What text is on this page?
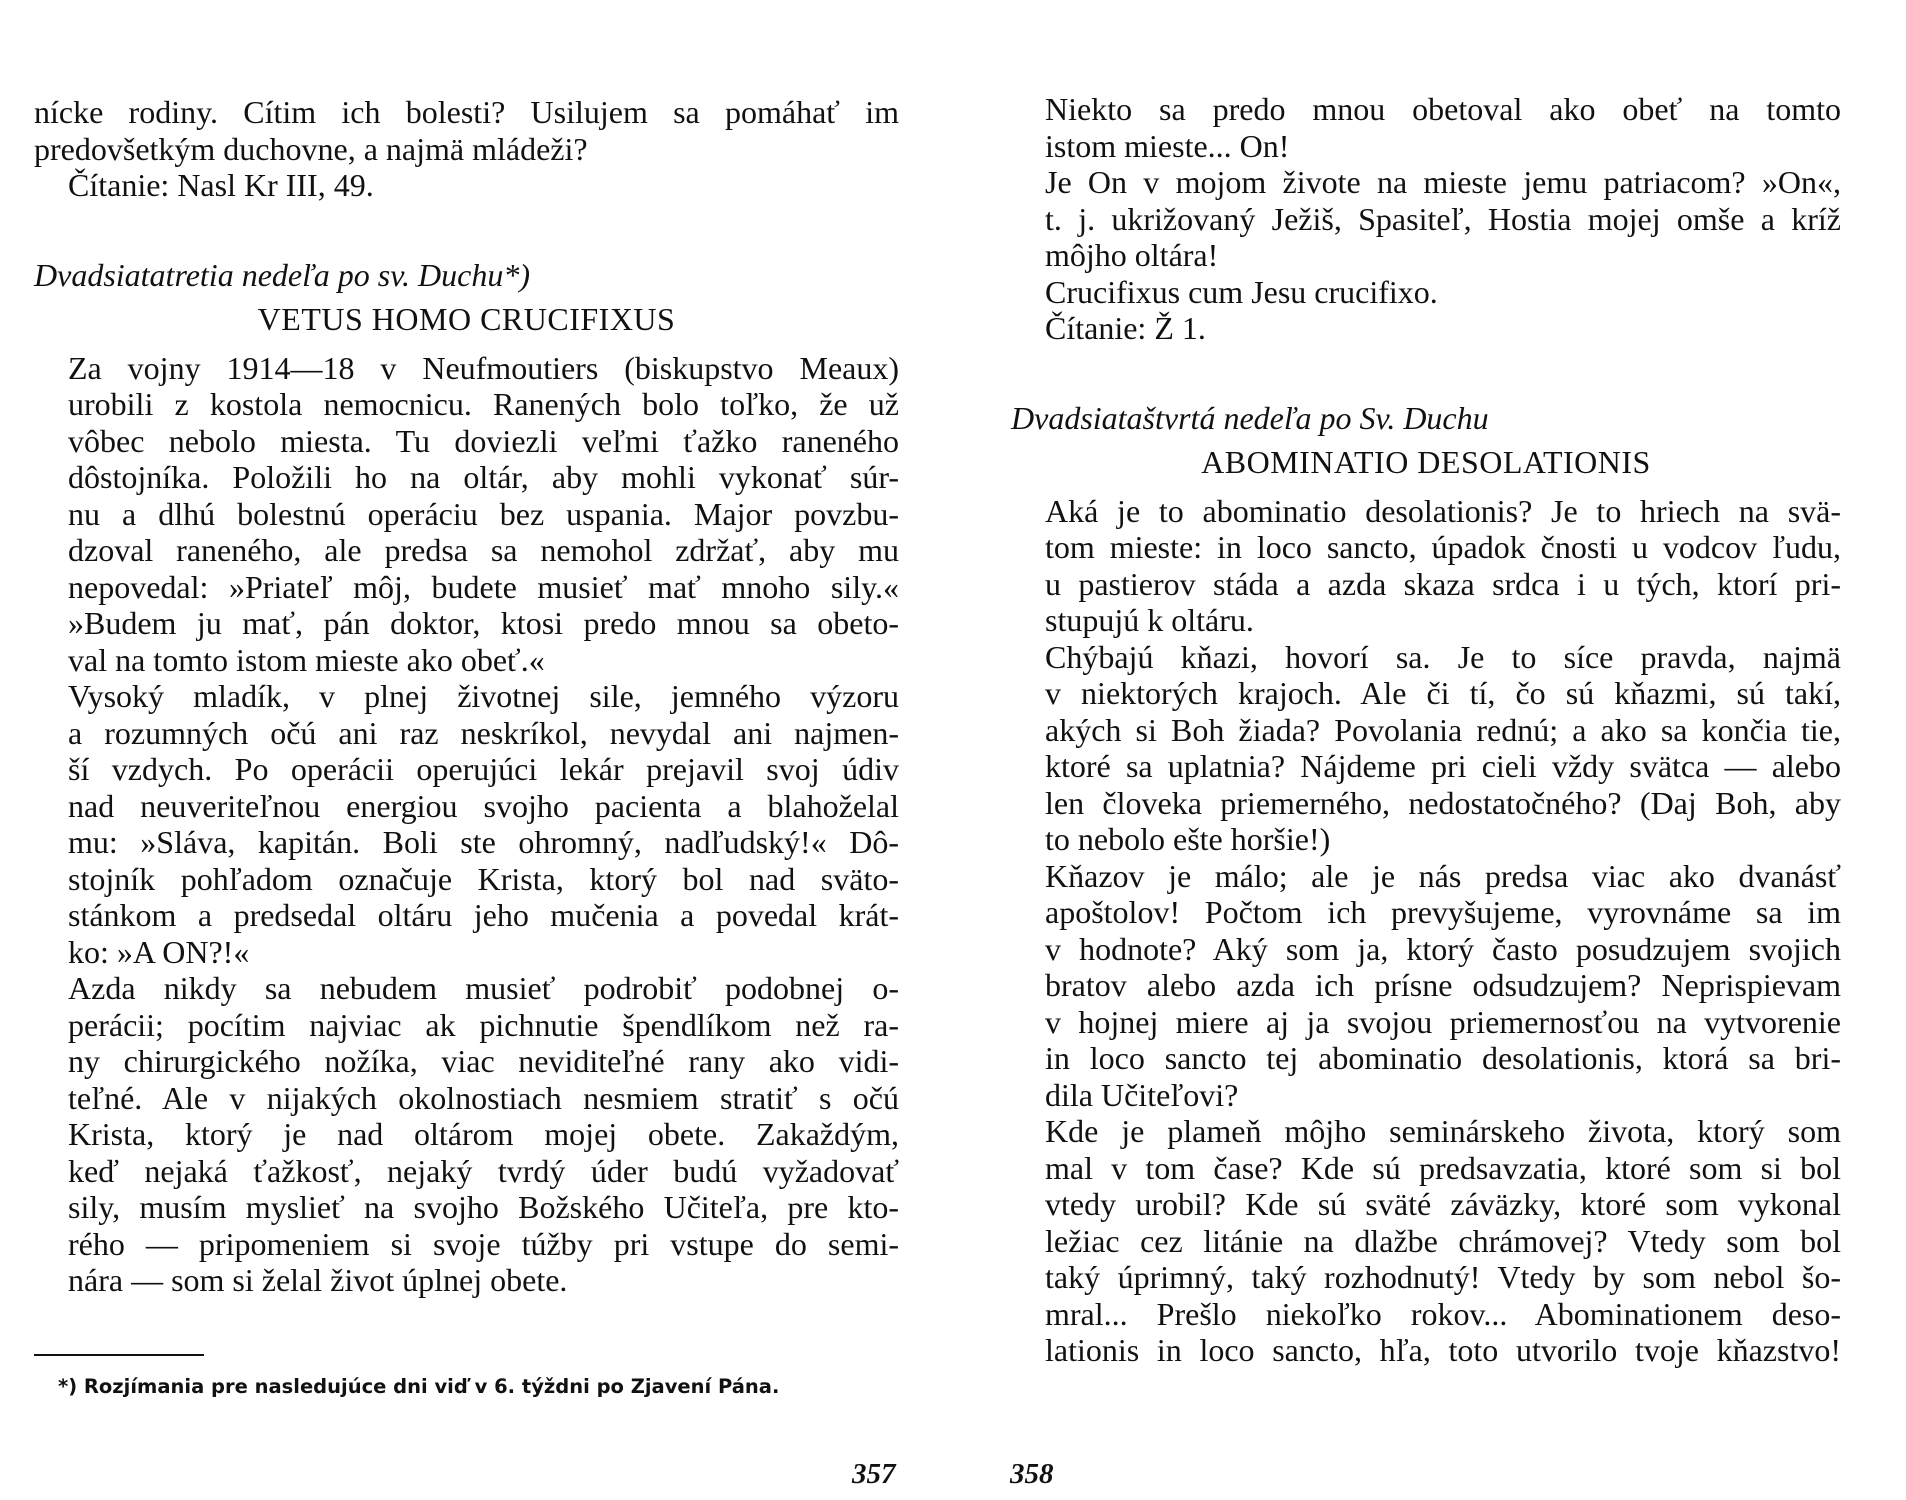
nícke rodiny. Cítim ich bolesti? Usilujem sa pomáhať im
predovšetkým duchovne, a najmä mládeži?

Čítanie: Nasl Kr III, 49.

Dvadsiatatretia nedeľa po sv. Duchu*)

VETUS HOMO CRUCIFIXUS

Za vojny 1914—18 v Neufmoutiers (biskupstvo Meaux)
urobili z kostola nemocnicu. Ranených bolo toľko, že už
vôbec nebolo miesta. Tu doviezli veľmi ťažko raneného
dôstojníka. Položili ho na oltár, aby mohli vykonať súr-
nu a dlhú bolestnú operáciu bez uspania. Major povzbu-
dzoval raneného, ale predsa sa nemohol zdržať, aby mu
nepovedal: »Priateľ môj, budete musieť mať mnoho sily.«
»Budem ju mať, pán doktor, ktosi predo mnou sa obeto-
val na tomto istom mieste ako obeť.«

Vysoký mladík, v plnej životnej sile, jemného výzoru
a rozumných očú ani raz neskríkol, nevydal ani najmen-
ší vzdych. Po operácii operujúci lekár prejavil svoj údiv
nad neuveriteľnou energiou svojho pacienta a blahoželal
mu: »Sláva, kapitán. Boli ste ohromný, nadľudský!« Dô-
stojník pohľadom označuje Krista, ktorý bol nad sväto-
stánkom a predsedal oltáru jeho mučenia a povedal krát-
ko: »A ON?!«

Azda nikdy sa nebudem musieť podrobiť podobnej o-
perácii; pocítim najviac ak pichnutie špendlíkom než ra-
ny chirurgického nožíka, viac neviditeľné rany ako vidi-
teľné. Ale v nijakých okolnostiach nesmiem stratiť s očú
Krista, ktorý je nad oltárom mojej obete. Zakaždým,
keď nejaká ťažkosť, nejaký tvrdý úder budú vyžadovať
sily, musím myslieť na svojho Božského Učiteľa, pre kto-
rého — pripomeniem si svoje túžby pri vstupe do semi-
nára — som si želal život úplnej obete.

*) Rozjímania pre nasledujúce dni viď v 6. týždni po Zjavení Pána.
357

Niekto sa predo mnou obetoval ako obeť na tomto
istom mieste... On!

Je On v mojom živote na mieste jemu patriacom? »On«,
t. j. ukrižovaný Ježiš, Spasiteľ, Hostia mojej omše a kríž
môjho oltára!

Crucifixus cum Jesu crucifixo.

Čítanie: Ž 1.

Dvadsiataštvrtá nedeľa po Sv. Duchu

ABOMINATIO DESOLATIONIS

Aká je to abominatio desolationis? Je to hriech na svä-
tom mieste: in loco sancto, úpadok čnosti u vodcov ľudu,
u pastierov stáda a azda skaza srdca i u tých, ktorí pri-
stupujú k oltáru.

Chýbajú kňazi, hovorí sa. Je to síce pravda, najmä
v niektorých krajoch. Ale či tí, čo sú kňazmi, sú takí,
akých si Boh žiada? Povolania rednú; a ako sa končia tie,
ktoré sa uplatnia? Nájdeme pri cieli vždy svätca — alebo
len človeka priemerného, nedostatočného? (Daj Boh, aby
to nebolo ešte horšie!)

Kňazov je málo; ale je nás predsa viac ako dvanásť
apoštolov! Počtom ich prevyšujeme, vyrovnáme sa im
v hodnote? Aký som ja, ktorý často posudzujem svojich
bratov alebo azda ich prísne odsudzujem? Neprispievam
v hojnej miere aj ja svojou priemernosťou na vytvorenie
in loco sancto tej abominatio desolationis, ktorá sa bri-
dila Učiteľovi?

Kde je plameň môjho seminárskeho života, ktorý som
mal v tom čase? Kde sú predsavzatia, ktoré som si bol
vtedy urobil? Kde sú sväté záväzky, ktoré som vykonal
ležiac cez litánie na dlažbe chrámovej? Vtedy som bol
taký úprimný, taký rozhodnutý! Vtedy by som nebol šo-
mral... Prešlo niekoľko rokov... Abominationem deso-
lationis in loco sancto, hľa, toto utvorilo tvoje kňazstvo!

358
